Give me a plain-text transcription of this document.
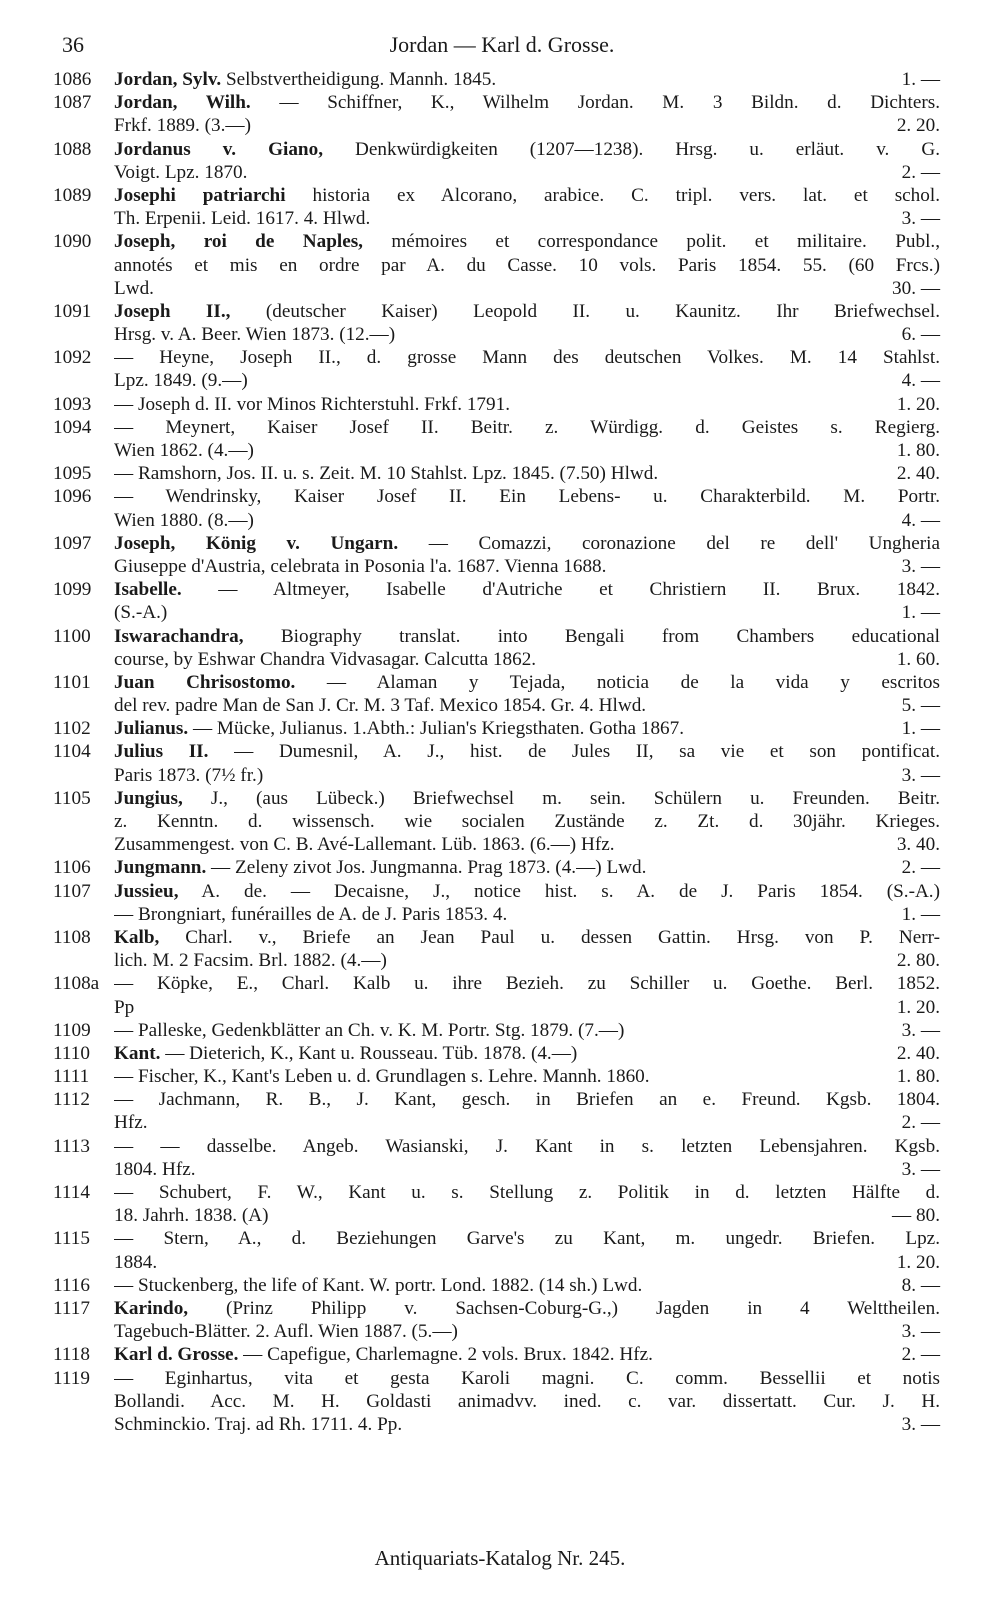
36	Jordan — Karl d. Grosse.
1086	Jordan, Sylv. Selbstvertheidigung. Mannh. 1845.	1. —
1087	Jordan, Wilh. — Schiffner, K., Wilhelm Jordan. M. 3 Bildn. d. Dichters.
Frkf. 1889. (3.—)	2. 20.
1088	Jordanus v. Giano, Denkwürdigkeiten (1207—1238). Hrsg. u. erläut. v. G.
Voigt. Lpz. 1870.	2. —
1089	Josephi patriarchi historia ex Alcorano, arabice. C. tripl. vers. lat. et schol.
Th. Erpenii. Leid. 1617. 4. Hlwd.	3. —
1090	Joseph, roi de Naples, mémoires et correspondance polit. et militaire. Publ.,
annotés et mis en ordre par A. du Casse. 10 vols. Paris 1854. 55. (60 Frcs.)
Lwd.	30. —
1091	Joseph II., (deutscher Kaiser) Leopold II. u. Kaunitz. Ihr Briefwechsel.
Hrsg. v. A. Beer. Wien 1873. (12.—)	6. —
1092	— Heyne, Joseph II., d. grosse Mann des deutschen Volkes. M. 14 Stahlst.
Lpz. 1849. (9.—)	4. —
1093	— Joseph d. II. vor Minos Richterstuhl. Frkf. 1791.	1. 20.
1094	— Meynert, Kaiser Josef II. Beitr. z. Würdigg. d. Geistes s. Regierg.
Wien 1862. (4.—)	1. 80.
1095	— Ramshorn, Jos. II. u. s. Zeit. M. 10 Stahlst. Lpz. 1845. (7.50) Hlwd.	2. 40.
1096	— Wendrinsky, Kaiser Josef II. Ein Lebens- u. Charakterbild. M. Portr.
Wien 1880. (8.—)	4. —
1097	Joseph, König v. Ungarn. — Comazzi, coronazione del re dell' Ungheria
Giuseppe d'Austria, celebrata in Posonia l'a. 1687. Vienna 1688.	3. —
1099	Isabelle. — Altmeyer, Isabelle d'Autriche et Christiern II. Brux. 1842.
(S.-A.)	1. —
1100	Iswarachandra, Biography translat. into Bengali from Chambers educational
course, by Eshwar Chandra Vidvasagar. Calcutta 1862.	1. 60.
1101	Juan Chrisostomo. — Alaman y Tejada, noticia de la vida y escritos
del rev. padre Man de San J. Cr. M. 3 Taf. Mexico 1854. Gr. 4. Hlwd.	5. —
1102	Julianus. — Mücke, Julianus. 1.Abth.: Julian's Kriegsthaten. Gotha 1867.	1. —
1104	Julius II. — Dumesnil, A. J., hist. de Jules II, sa vie et son pontificat.
Paris 1873. (7½ fr.)	3. —
1105	Jungius, J., (aus Lübeck.) Briefwechsel m. sein. Schülern u. Freunden. Beitr.
z. Kenntn. d. wissensch. wie socialen Zustände z. Zt. d. 30jähr. Krieges.
Zusammengest. von C. B. Avé-Lallemant. Lüb. 1863. (6.—) Hfz.	3. 40.
1106	Jungmann. — Zeleny zivot Jos. Jungmanna. Prag 1873. (4.—) Lwd.	2. —
1107	Jussieu, A. de. — Decaisne, J., notice hist. s. A. de J. Paris 1854. (S.-A.)
— Brongniart, funérailles de A. de J. Paris 1853. 4.	1. —
1108	Kalb, Charl. v., Briefe an Jean Paul u. dessen Gattin. Hrsg. von P. Nerr-
lich. M. 2 Facsim. Brl. 1882. (4.—)	2. 80.
1108a — Köpke, E., Charl. Kalb u. ihre Bezieh. zu Schiller u. Goethe. Berl. 1852.
Pp	1. 20.
1109	— Palleske, Gedenkblätter an Ch. v. K. M. Portr. Stg. 1879. (7.—)	3. —
1110	Kant. — Dieterich, K., Kant u. Rousseau. Tüb. 1878. (4.—)	2. 40.
1111	— Fischer, K., Kant's Leben u. d. Grundlagen s. Lehre. Mannh. 1860.	1. 80.
1112	— Jachmann, R. B., J. Kant, gesch. in Briefen an e. Freund. Kgsb. 1804.
Hfz.	2. —
1113	— — dasselbe. Angeb. Wasianski, J. Kant in s. letzten Lebensjahren. Kgsb.
1804. Hfz.	3. —
1114	— Schubert, F. W., Kant u. s. Stellung z. Politik in d. letzten Hälfte d.
18. Jahrh. 1838. (A)	— 80.
1115	— Stern, A., d. Beziehungen Garve's zu Kant, m. ungedr. Briefen. Lpz.
1884.	1. 20.
1116	— Stuckenberg, the life of Kant. W. portr. Lond. 1882. (14 sh.) Lwd.	8. —
1117	Karindo, (Prinz Philipp v. Sachsen-Coburg-G.,) Jagden in 4 Welttheilen.
Tagebuch-Blätter. 2. Aufl. Wien 1887. (5.—)	3. —
1118	Karl d. Grosse. — Capefigue, Charlemagne. 2 vols. Brux. 1842. Hfz.	2. —
1119	— Eginhartus, vita et gesta Karoli magni. C. comm. Bessellii et notis
Bollandi. Acc. M. H. Goldasti animadvv. ined. c. var. dissertatt. Cur. J. H.
Schminckio. Traj. ad Rh. 1711. 4. Pp.	3. —
Antiquariats-Katalog Nr. 245.
